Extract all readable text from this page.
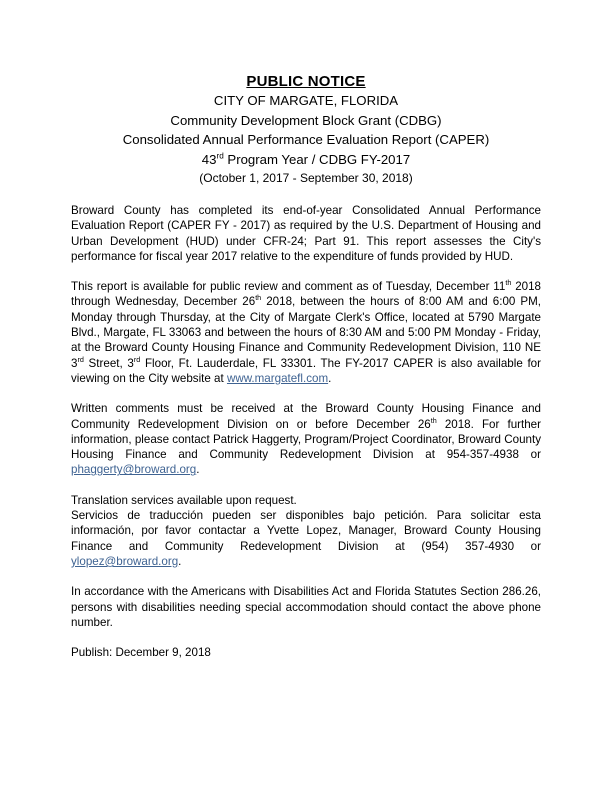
PUBLIC NOTICE
CITY OF MARGATE, FLORIDA
Community Development Block Grant (CDBG)
Consolidated Annual Performance Evaluation Report (CAPER)
43rd Program Year / CDBG FY-2017
(October 1, 2017 - September 30, 2018)

Broward County has completed its end-of-year Consolidated Annual Performance Evaluation Report (CAPER FY - 2017) as required by the U.S. Department of Housing and Urban Development (HUD) under CFR-24; Part 91. This report assesses the City's performance for fiscal year 2017 relative to the expenditure of funds provided by HUD.

This report is available for public review and comment as of Tuesday, December 11th 2018 through Wednesday, December 26th 2018, between the hours of 8:00 AM and 6:00 PM, Monday through Thursday, at the City of Margate Clerk's Office, located at 5790 Margate Blvd., Margate, FL 33063 and between the hours of 8:30 AM and 5:00 PM Monday - Friday, at the Broward County Housing Finance and Community Redevelopment Division, 110 NE 3rd Street, 3rd Floor, Ft. Lauderdale, FL 33301. The FY-2017 CAPER is also available for viewing on the City website at www.margatefl.com.

Written comments must be received at the Broward County Housing Finance and Community Redevelopment Division on or before December 26th 2018. For further information, please contact Patrick Haggerty, Program/Project Coordinator, Broward County Housing Finance and Community Redevelopment Division at 954-357-4938 or phaggerty@broward.org.

Translation services available upon request.

Servicios de traducción pueden ser disponibles bajo petición. Para solicitar esta información, por favor contactar a Yvette Lopez, Manager, Broward County Housing Finance and Community Redevelopment Division at (954) 357-4930 or ylopez@broward.org.

In accordance with the Americans with Disabilities Act and Florida Statutes Section 286.26, persons with disabilities needing special accommodation should contact the above phone number.

Publish: December 9, 2018
